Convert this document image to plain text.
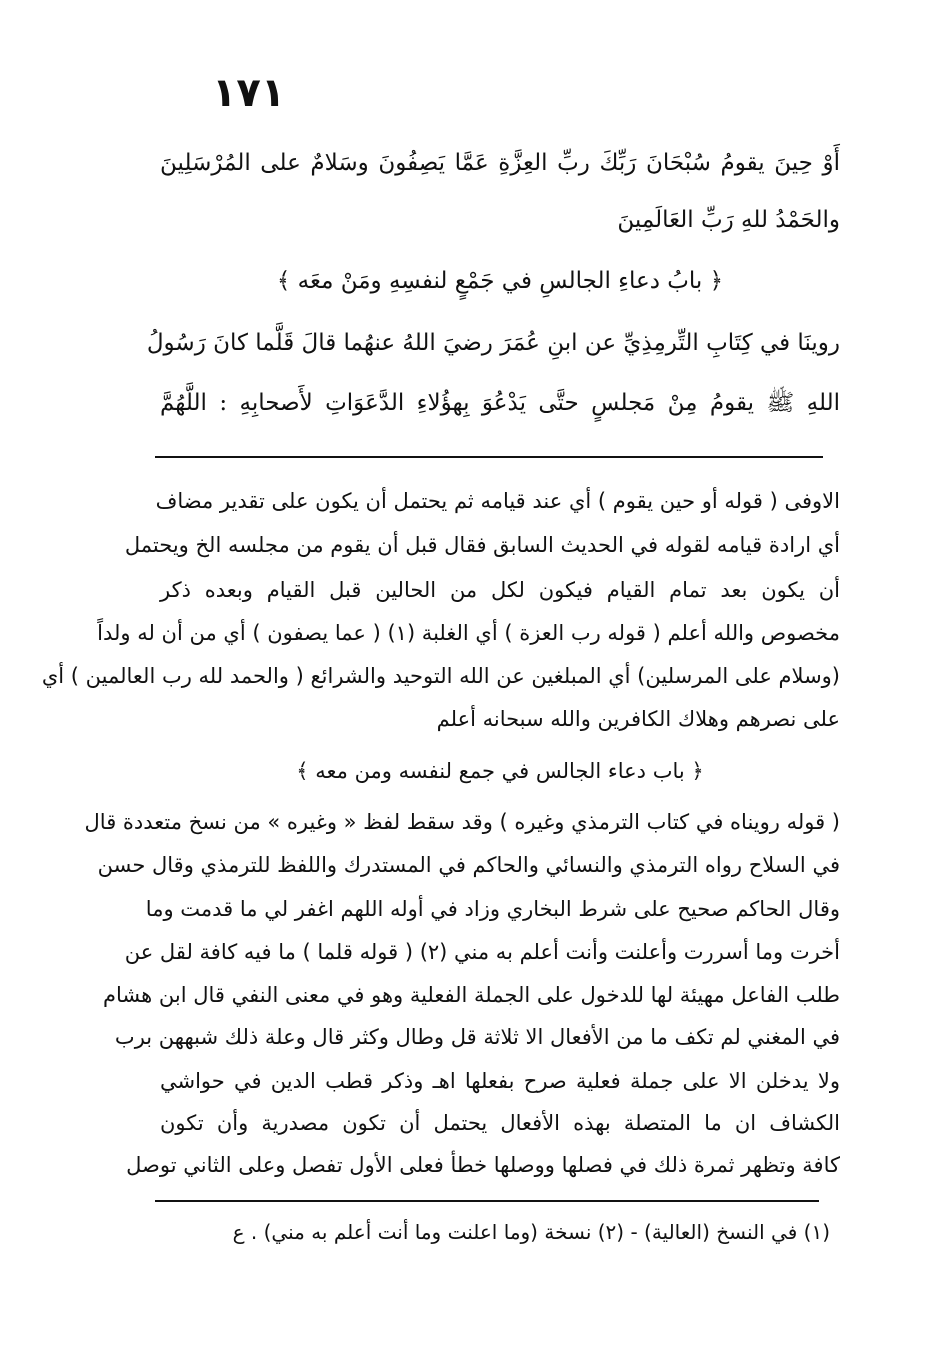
١٧١
أَوْ حِينَ يقومُ سُبْحَانَ رَبِّكَ ربِّ العِزَّةِ عَمَّا يَصِفُونَ وسَلامٌ على المُرْسَلِينَ
والحَمْدُ للهِ رَبِّ العَالَمِينَ
﴿ بابُ دعاءِ الجالسِ في جَمْعٍ لنفسِهِ ومَنْ معَه ﴾
روينَا في كِتَابِ التِّرمِذِيِّ عن ابنِ عُمَرَ رضيَ اللهُ عنهُما قالَ قَلَّما كانَ رَسُولُ
اللهِ ﷺ يقومُ مِنْ مَجلسٍ حتَّى يَدْعُوَ بِهؤُلاءِ الدَّعَوَاتِ لأَصحابِهِ : اللَّهُمَّ
الاوفى ( قوله أو حين يقوم ) أي عند قيامه ثم يحتمل أن يكون على تقدير مضاف
أي ارادة قيامه لقوله في الحديث السابق فقال قبل أن يقوم من مجلسه الخ ويحتمل
أن يكون بعد تمام القيام فيكون لكل من الحالين قبل القيام وبعده ذكر
مخصوص والله أعلم ( قوله رب العزة ) أي الغلبة (١) ( عما يصفون ) أي من أن له ولداً
(وسلام على المرسلين) أي المبلغين عن الله التوحيد والشرائع ( والحمد لله رب العالمين ) أي
على نصرهم وهلاك الكافرين والله سبحانه أعلم
﴿ باب دعاء الجالس في جمع لنفسه ومن معه ﴾
( قوله رويناه في كتاب الترمذي وغيره ) وقد سقط لفظ « وغيره » من نسخ متعددة قال
في السلاح رواه الترمذي والنسائي والحاكم في المستدرك واللفظ للترمذي وقال حسن
وقال الحاكم صحيح على شرط البخاري وزاد في أوله اللهم اغفر لي ما قدمت وما
أخرت وما أسررت وأعلنت وأنت أعلم به مني (٢) ( قوله قلما ) ما فيه كافة لقل عن
طلب الفاعل مهيئة لها للدخول على الجملة الفعلية وهو في معنى النفي قال ابن هشام
في المغني لم تكف ما من الأفعال الا ثلاثة قل وطال وكثر قال وعلة ذلك شبههن برب
ولا يدخلن الا على جملة فعلية صرح بفعلها اهـ وذكر قطب الدين في حواشي
الكشاف ان ما المتصلة بهذه الأفعال يحتمل أن تكون مصدرية وأن تكون
كافة وتظهر ثمرة ذلك في فصلها ووصلها خطأ فعلى الأول تفصل وعلى الثاني توصل
(١) في النسخ (العالية) - (٢) نسخة (وما اعلنت وما أنت أعلم به مني) . ع
